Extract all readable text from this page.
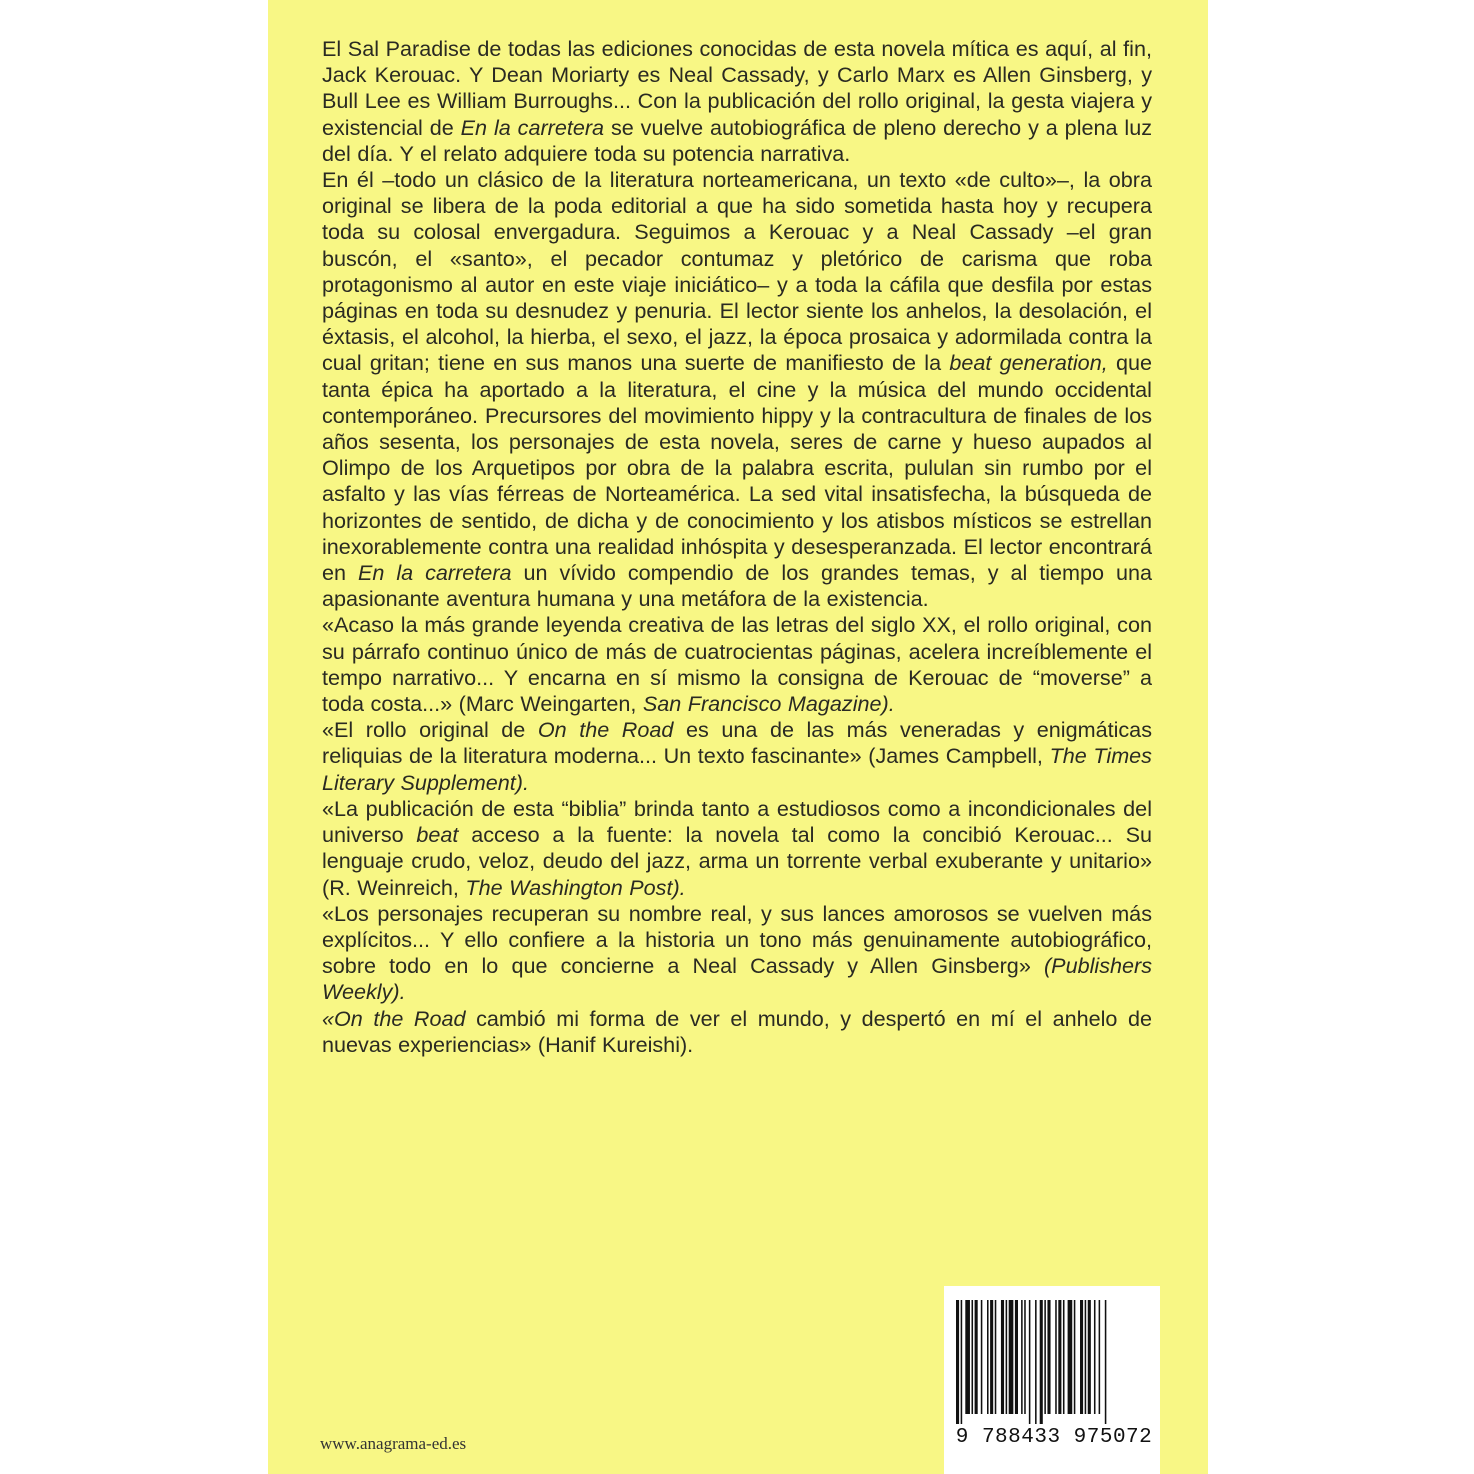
El Sal Paradise de todas las ediciones conocidas de esta novela mítica es aquí, al fin, Jack Kerouac. Y Dean Moriarty es Neal Cassady, y Carlo Marx es Allen Ginsberg, y Bull Lee es William Burroughs... Con la publicación del rollo original, la gesta viajera y existencial de En la carretera se vuelve autobiográfica de pleno derecho y a plena luz del día. Y el relato adquiere toda su potencia narrativa.

En él –todo un clásico de la literatura norteamericana, un texto «de culto»–, la obra original se libera de la poda editorial a que ha sido sometida hasta hoy y recupera toda su colosal envergadura. Seguimos a Kerouac y a Neal Cassady –el gran buscón, el «santo», el pecador contumaz y pletórico de carisma que roba protagonismo al autor en este viaje iniciático– y a toda la cáfila que desfila por estas páginas en toda su desnudez y penuria. El lector siente los anhelos, la desolación, el éxtasis, el alcohol, la hierba, el sexo, el jazz, la época prosaica y adormilada contra la cual gritan; tiene en sus manos una suerte de manifiesto de la beat generation, que tanta épica ha aportado a la literatura, el cine y la música del mundo occidental contemporáneo. Precursores del movimiento hippy y la contracultura de finales de los años sesenta, los personajes de esta novela, seres de carne y hueso aupados al Olimpo de los Arquetipos por obra de la palabra escrita, pululan sin rumbo por el asfalto y las vías férreas de Norteamérica. La sed vital insatisfecha, la búsqueda de horizontes de sentido, de dicha y de conocimiento y los atisbos místicos se estrellan inexorablemente contra una realidad inhóspita y desesperanzada. El lector encontrará en En la carretera un vívido compendio de los grandes temas, y al tiempo una apasionante aventura humana y una metáfora de la existencia.

«Acaso la más grande leyenda creativa de las letras del siglo XX, el rollo original, con su párrafo continuo único de más de cuatrocientas páginas, acelera increíblemente el tempo narrativo... Y encarna en sí mismo la consigna de Kerouac de “moverse” a toda costa...» (Marc Weingarten, San Francisco Magazine).

«El rollo original de On the Road es una de las más veneradas y enigmáticas reliquias de la literatura moderna... Un texto fascinante» (James Campbell, The Times Literary Supplement).

«La publicación de esta “biblia” brinda tanto a estudiosos como a incondicionales del universo beat acceso a la fuente: la novela tal como la concibió Kerouac... Su lenguaje crudo, veloz, deudo del jazz, arma un torrente verbal exuberante y unitario» (R. Weinreich, The Washington Post).

«Los personajes recuperan su nombre real, y sus lances amorosos se vuelven más explícitos... Y ello confiere a la historia un tono más genuinamente autobiográfico, sobre todo en lo que concierne a Neal Cassady y Allen Ginsberg» (Publishers Weekly).

«On the Road cambió mi forma de ver el mundo, y despertó en mí el anhelo de nuevas experiencias» (Hanif Kureishi).

9 788433 975072
www.anagrama-ed.es
